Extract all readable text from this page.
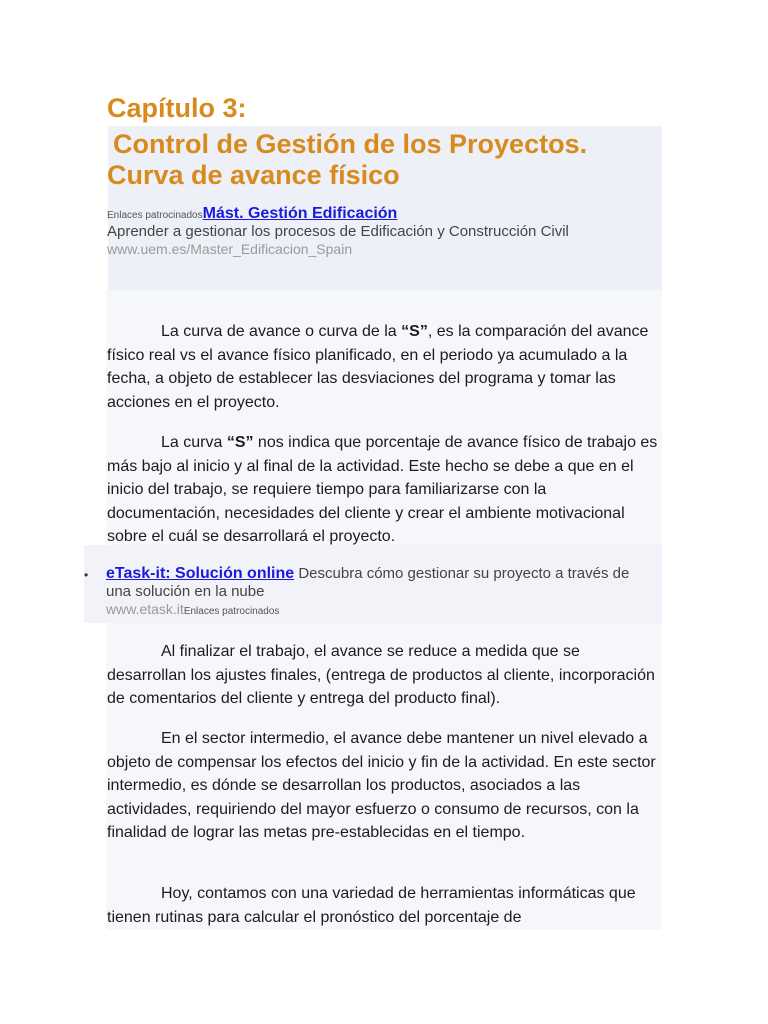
Capítulo 3:
Control de Gestión de los Proyectos.
Curva de avance físico
Enlaces patrocinadosMást. Gestión Edificación
Aprender a gestionar los procesos de Edificación y Construcción Civil
www.uem.es/Master_Edificacion_Spain
La curva de avance o curva de la “S”, es la comparación del avance físico real vs el avance físico planificado, en el periodo ya acumulado a la fecha, a objeto de establecer las desviaciones del programa y tomar las acciones en el proyecto.
La curva “S” nos indica que porcentaje de avance físico de trabajo es más bajo al inicio y al final de la actividad. Este hecho se debe a que en el inicio del trabajo, se requiere tiempo para familiarizarse con la documentación, necesidades del cliente y crear el ambiente motivacional sobre el cuál se desarrollará el proyecto.
• eTask-it: Solución online Descubra cómo gestionar su proyecto a través de una solución en la nube
www.etask.itEnlaces patrocinados
Al finalizar el trabajo, el avance se reduce a medida que se desarrollan los ajustes finales, (entrega de productos al cliente, incorporación de comentarios del cliente y entrega del producto final).
En el sector intermedio, el avance debe mantener un nivel elevado a objeto de compensar los efectos del inicio y fin de la actividad. En este sector intermedio, es dónde se desarrollan los productos, asociados a las actividades, requiriendo del mayor esfuerzo o consumo de recursos, con la finalidad de lograr las metas pre-establecidas en el tiempo.
Hoy, contamos con una variedad de herramientas informáticas que tienen rutinas para calcular el pronóstico del porcentaje de
